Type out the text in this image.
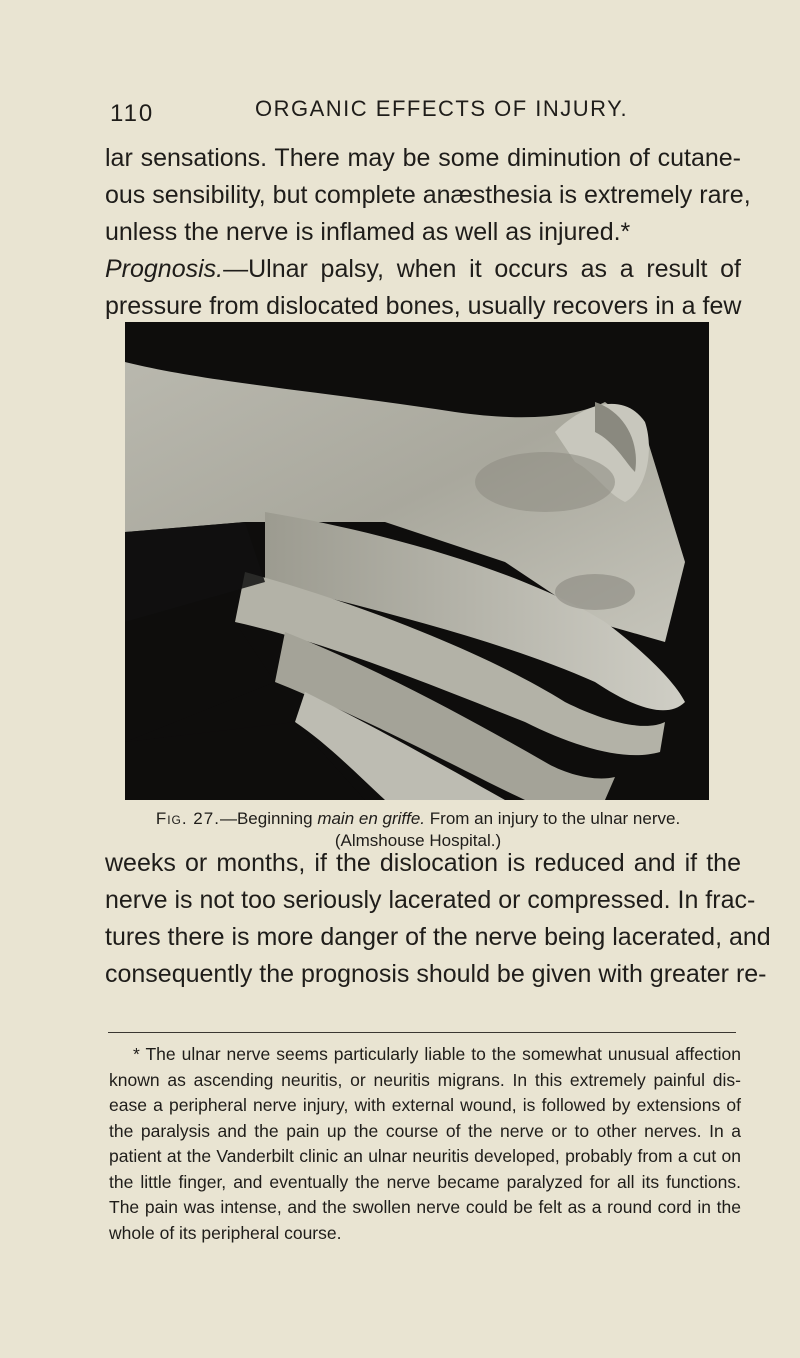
110	ORGANIC EFFECTS OF INJURY.
lar sensations. There may be some diminution of cutane-
ous sensibility, but complete anæsthesia is extremely rare,
unless the nerve is inflamed as well as injured.*
Prognosis.—Ulnar palsy, when it occurs as a result of
pressure from dislocated bones, usually recovers in a few
Fig. 27.—Beginning main en griffe. From an injury to the ulnar nerve.
(Almshouse Hospital.)
weeks or months, if the dislocation is reduced and if the
nerve is not too seriously lacerated or compressed. In frac-
tures there is more danger of the nerve being lacerated, and
consequently the prognosis should be given with greater re-
* The ulnar nerve seems particularly liable to the somewhat unusual affection
known as ascending neuritis, or neuritis migrans. In this extremely painful dis-
ease a peripheral nerve injury, with external wound, is followed by extensions of
the paralysis and the pain up the course of the nerve or to other nerves. In a
patient at the Vanderbilt clinic an ulnar neuritis developed, probably from a cut on
the little finger, and eventually the nerve became paralyzed for all its functions.
The pain was intense, and the swollen nerve could be felt as a round cord in the
whole of its peripheral course.
